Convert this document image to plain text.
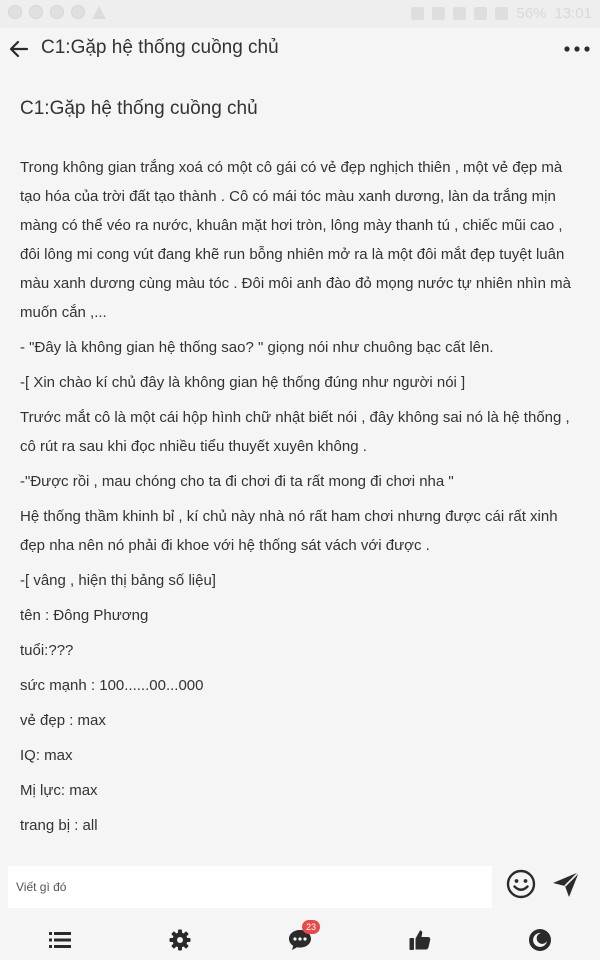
56% 13:01
C1:Gặp hệ thống cuồng chủ
C1:Gặp hệ thống cuồng chủ

Trong không gian trắng xoá có một cô gái có vẻ đẹp nghịch thiên , một vẻ đẹp mà tạo hóa của trời đất tạo thành . Cô có mái tóc màu xanh dương, làn da trắng mịn màng có thể véo ra nước, khuân mặt hơi tròn, lông mày thanh tú , chiếc mũi cao , đôi lông mi cong vút đang khẽ run bỗng nhiên mở ra là một đôi mắt đẹp tuyệt luân màu xanh dương cùng màu tóc . Đôi môi anh đào đỏ mọng nước tự nhiên nhìn mà muốn cắn ,...

- "Đây là không gian hệ thống sao? " giọng nói như chuông bạc cất lên.

-[ Xin chào kí chủ đây là không gian hệ thống đúng như người nói ]

Trước mắt cô là một cái hộp hình chữ nhật biết nói , đây không sai nó là hệ thống , cô rút ra sau khi đọc nhiều tiểu thuyết xuyên không .

-"Được rồi , mau chóng cho ta đi chơi đi ta rất mong đi chơi nha "

Hệ thống thầm khinh bỉ , kí chủ này nhà nó rất ham chơi nhưng được cái rất xinh đẹp nha nên nó phải đi khoe với hệ thống sát vách với được .

-[ vâng , hiện thị bảng số liệu]

tên : Đông Phương

tuổi:???

sức mạnh : 100......00...000

vẻ đẹp : max

IQ: max

Mị lực: max

trang bị : all

Viết gì đó
23
